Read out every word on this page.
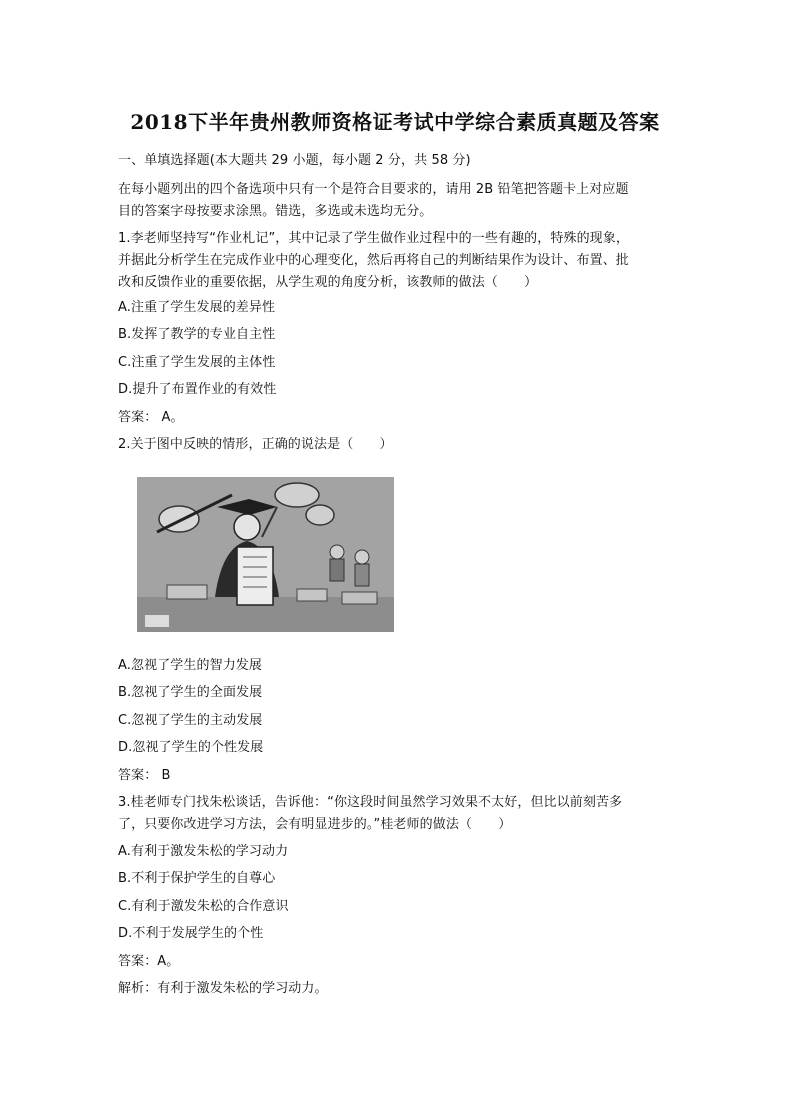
2018下半年贵州教师资格证考试中学综合素质真题及答案
一、单填选择题(本大题共 29 小题，每小题 2 分，共 58 分)
在每小题列出的四个备选项中只有一个是符合目要求的，请用 2B 铅笔把答题卡上对应题
目的答案字母按要求涂黑。错选，多选或未选均无分。
1.李老师坚持写“作业札记”，其中记录了学生做作业过程中的一些有趣的，特殊的现象，
并据此分析学生在完成作业中的心理变化，然后再将自己的判断结果作为设计、布置、批
改和反馈作业的重要依据，从学生观的角度分析，该教师的做法（　　）
A.注重了学生发展的差异性
B.发挥了教学的专业自主性
C.注重了学生发展的主体性
D.提升了布置作业的有效性
答案： A。
2.关于图中反映的情形，正确的说法是（　　）
A.忽视了学生的智力发展
B.忽视了学生的全面发展
C.忽视了学生的主动发展
D.忽视了学生的个性发展
答案： B
3.桂老师专门找朱松谈话，告诉他：“你这段时间虽然学习效果不太好，但比以前刻苦多
了，只要你改进学习方法，会有明显进步的。”桂老师的做法（　　）
A.有利于激发朱松的学习动力
B.不利于保护学生的自尊心
C.有利于激发朱松的合作意识
D.不利于发展学生的个性
答案：A。
解析：有利于激发朱松的学习动力。
